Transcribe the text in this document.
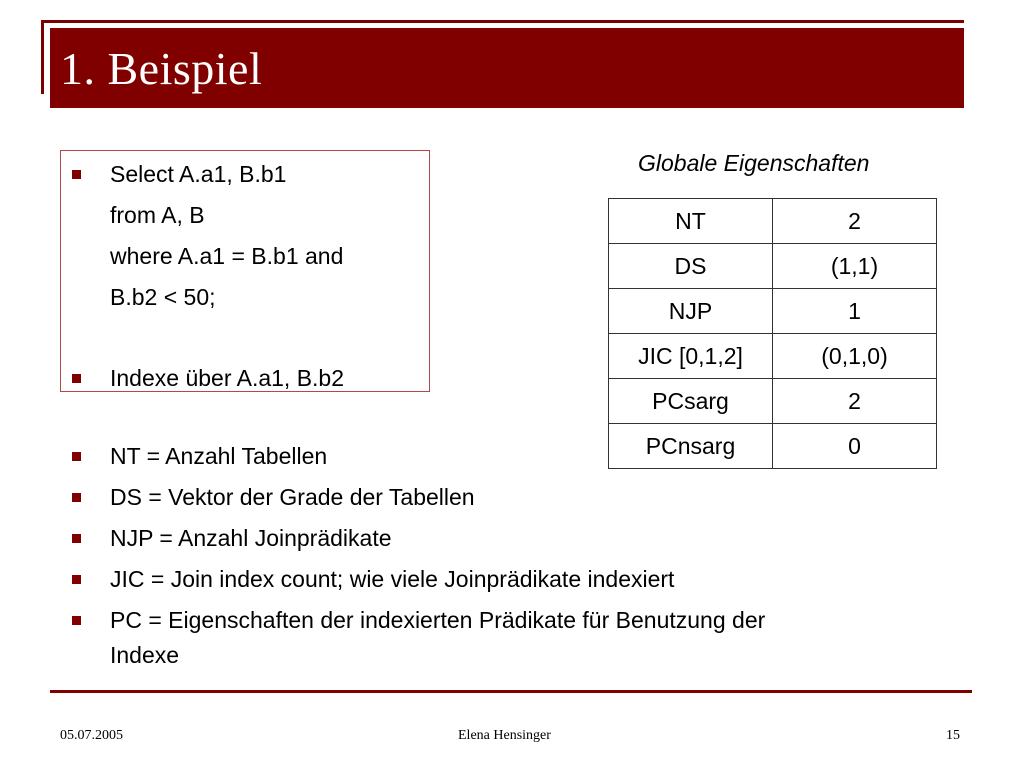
1. Beispiel
Select A.a1, B.b1
from A, B
where A.a1 = B.b1 and
B.b2 < 50;
Indexe über A.a1, B.b2
Globale Eigenschaften
NT	2
DS	(1,1)
NJP	1
JIC [0,1,2]	(0,1,0)
PCsarg	2
PCnsarg	0
NT = Anzahl Tabellen
DS = Vektor der Grade der Tabellen
NJP = Anzahl Joinprädikate
JIC = Join index count; wie viele Joinprädikate indexiert
PC = Eigenschaften der indexierten Prädikate für Benutzung der
Indexe
05.07.2005	Elena Hensinger	15
